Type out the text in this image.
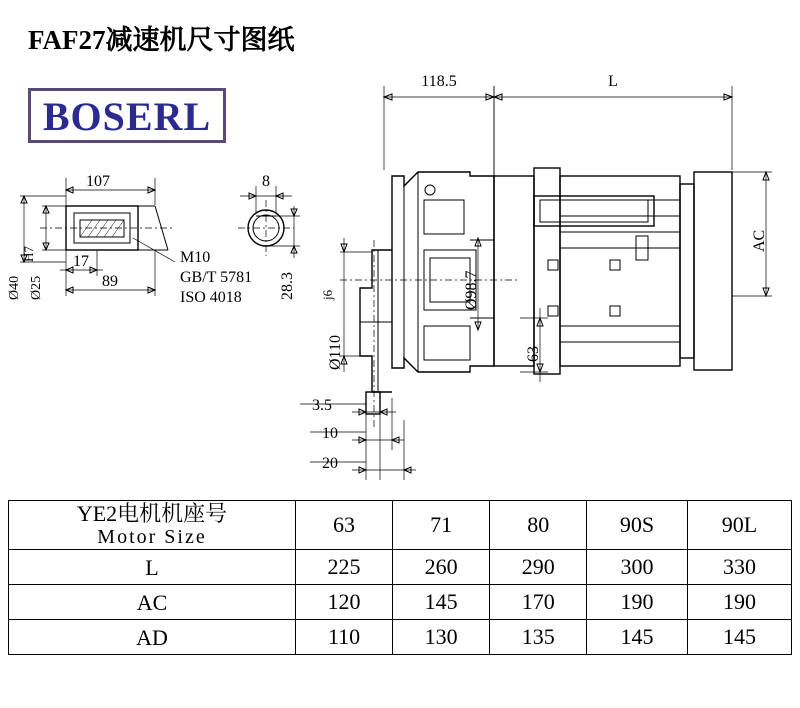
FAF27减速机尺寸图纸
BOSERL
Ø40 Ø25
H7
107
17
89
M10
GB/T 5781
ISO 4018
8
28.3
118.5	L
AC
Ø98.7
Ø110
j6
63
3.5
10
20
YE2电机机座号
Motor Size	63	71	80	90S	90L
L	225	260	290	300	330
AC	120	145	170	190	190
AD	110	130	135	145	145
